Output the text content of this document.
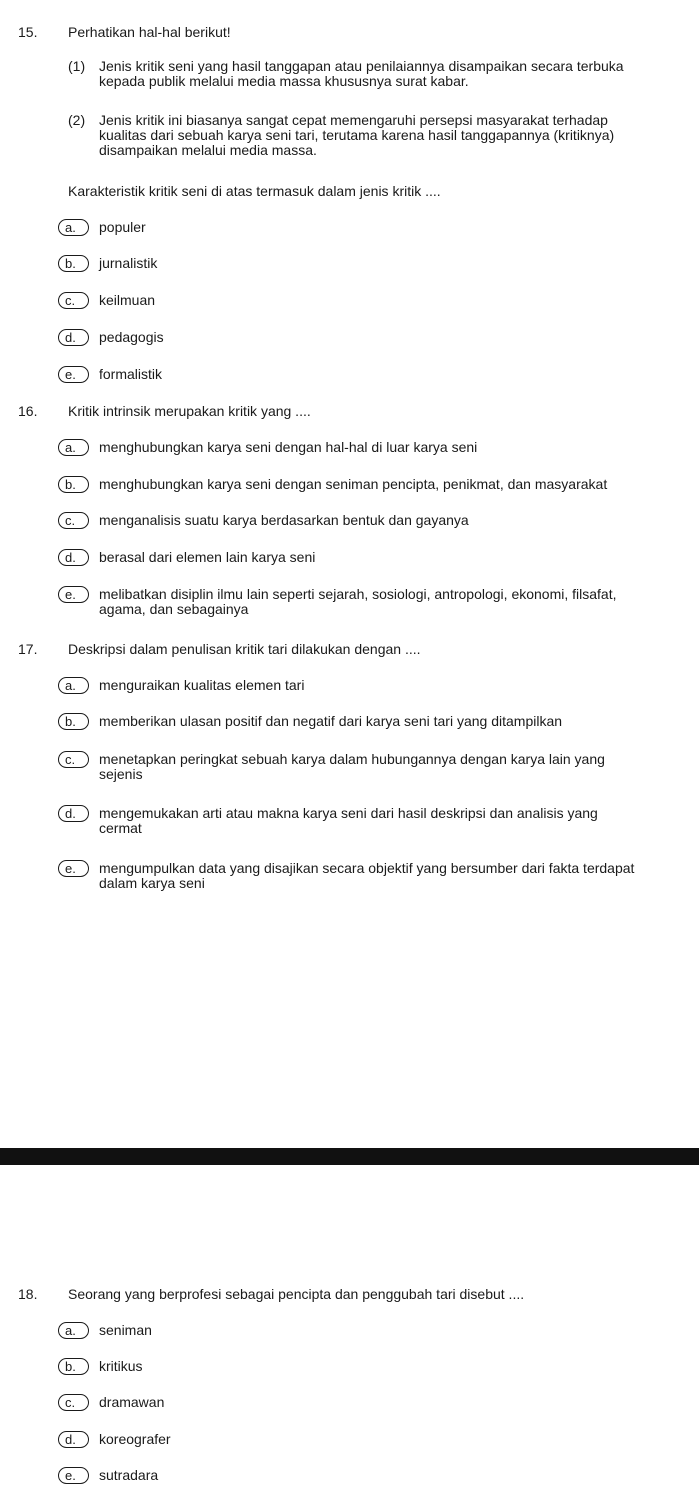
15.	Perhatikan hal-hal berikut!
(1) Jenis kritik seni yang hasil tanggapan atau penilaiannya disampaikan secara terbuka
kepada publik melalui media massa khususnya surat kabar.
(2) Jenis kritik ini biasanya sangat cepat memengaruhi persepsi masyarakat terhadap
kualitas dari sebuah karya seni tari, terutama karena hasil tanggapannya (kritiknya)
disampaikan melalui media massa.
Karakteristik kritik seni di atas termasuk dalam jenis kritik ....
a.	populer
b.	jurnalistik
c.	keilmuan
d.	pedagogis
e.	formalistik
16.	Kritik intrinsik merupakan kritik yang ....
a.	menghubungkan karya seni dengan hal-hal di luar karya seni
b.	menghubungkan karya seni dengan seniman pencipta, penikmat, dan masyarakat
c.	menganalisis suatu karya berdasarkan bentuk dan gayanya
d.	berasal dari elemen lain karya seni
e.	melibatkan disiplin ilmu lain seperti sejarah, sosiologi, antropologi, ekonomi, filsafat,
agama, dan sebagainya
17.	Deskripsi dalam penulisan kritik tari dilakukan dengan ....
a.	menguraikan kualitas elemen tari
b.	memberikan ulasan positif dan negatif dari karya seni tari yang ditampilkan
c.	menetapkan peringkat sebuah karya dalam hubungannya dengan karya lain yang
sejenis
d.	mengemukakan arti atau makna karya seni dari hasil deskripsi dan analisis yang
cermat
e.	mengumpulkan data yang disajikan secara objektif yang bersumber dari fakta terdapat
dalam karya seni
18.	Seorang yang berprofesi sebagai pencipta dan penggubah tari disebut ....
a.	seniman
b.	kritikus
c.	dramawan
d.	koreografer
e.	sutradara
